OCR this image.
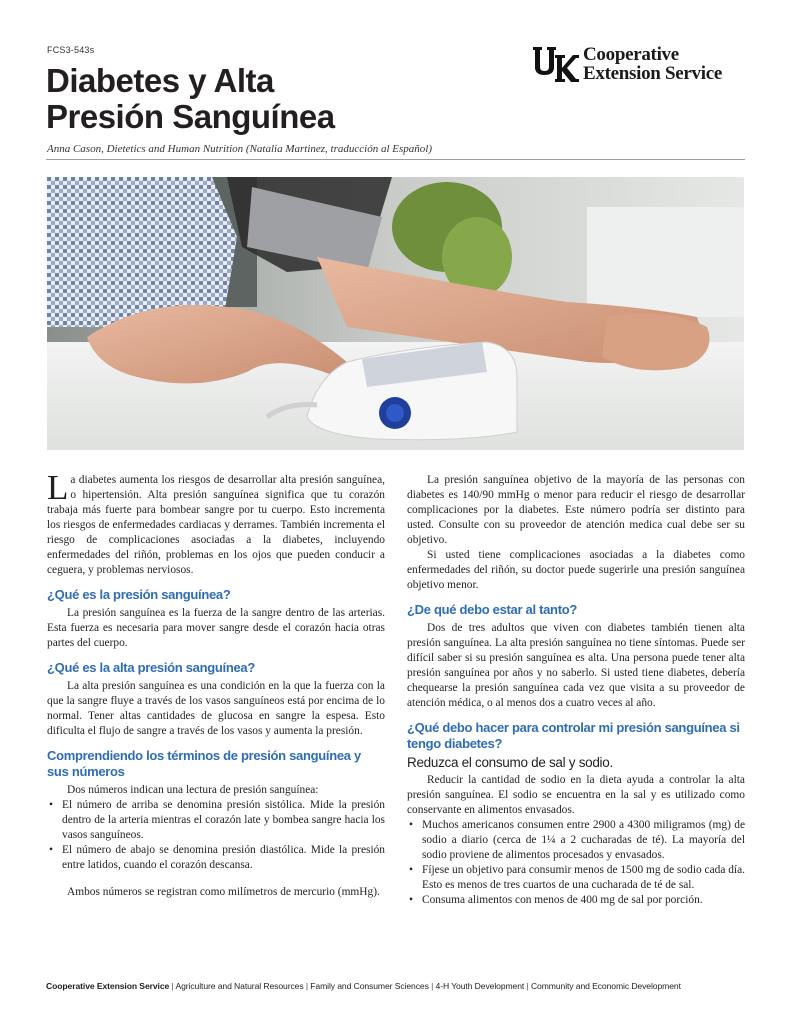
FCS3-543s
Diabetes y Alta
Presión Sanguínea
Anna Cason, Dietetics and Human Nutrition (Natalia Martinez, traducción al Español)
Cooperative
Extension Service

La diabetes aumenta los riesgos de desarrollar alta presión sanguínea, o hipertensión. Alta presión sanguínea significa que tu corazón trabaja más fuerte para bombear sangre por tu cuerpo. Esto incrementa los riesgos de enfermedades cardiacas y derrames. También incrementa el riesgo de complicaciones asociadas a la diabetes, incluyendo enfermedades del riñón, problemas en los ojos que pueden conducir a ceguera, y problemas nerviosos.

¿Qué es la presión sanguínea?

La presión sanguínea es la fuerza de la sangre dentro de las arterias. Esta fuerza es necesaria para mover sangre desde el corazón hacia otras partes del cuerpo.

¿Qué es la alta presión sanguínea?

La alta presión sanguínea es una condición en la que la fuerza con la que la sangre fluye a través de los vasos sanguíneos está por encima de lo normal. Tener altas cantidades de glucosa en sangre la espesa. Esto dificulta el flujo de sangre a través de los vasos y aumenta la presión.

Comprendiendo los términos de presión sanguínea y sus números

Dos números indican una lectura de presión sanguínea:

• El número de arriba se denomina presión sistólica. Mide la presión dentro de la arteria mientras el corazón late y bombea sangre hacia los vasos sanguíneos.
• El número de abajo se denomina presión diastólica. Mide la presión entre latidos, cuando el corazón descansa.

Ambos números se registran como milímetros de mercurio (mmHg).

La presión sanguínea objetivo de la mayoría de las personas con diabetes es 140/90 mmHg o menor para reducir el riesgo de desarrollar complicaciones por la diabetes. Este número podría ser distinto para usted. Consulte con su proveedor de atención medica cual debe ser su objetivo.

Si usted tiene complicaciones asociadas a la diabetes como enfermedades del riñón, su doctor puede sugerirle una presión sanguínea objetivo menor.

¿De qué debo estar al tanto?

Dos de tres adultos que viven con diabetes también tienen alta presión sanguínea. La alta presión sanguínea no tiene síntomas. Puede ser difícil saber si su presión sanguínea es alta. Una persona puede tener alta presión sanguínea por años y no saberlo. Si usted tiene diabetes, debería chequearse la presión sanguínea cada vez que visita a su proveedor de atención médica, o al menos dos a cuatro veces al año.

¿Qué debo hacer para controlar mi presión sanguínea si tengo diabetes?
Reduzca el consumo de sal y sodio.

Reducir la cantidad de sodio en la dieta ayuda a controlar la alta presión sanguínea. El sodio se encuentra en la sal y es utilizado como conservante en alimentos envasados.

• Muchos americanos consumen entre 2900 a 4300 miligramos (mg) de sodio a diario (cerca de 1¼ a 2 cucharadas de té). La mayoría del sodio proviene de alimentos procesados y envasados.
• Fíjese un objetivo para consumir menos de 1500 mg de sodio cada día. Esto es menos de tres cuartos de una cucharada de té de sal.
• Consuma alimentos con menos de 400 mg de sal por porción.
Cooperative Extension Service | Agriculture and Natural Resources | Family and Consumer Sciences | 4-H Youth Development | Community and Economic Development
